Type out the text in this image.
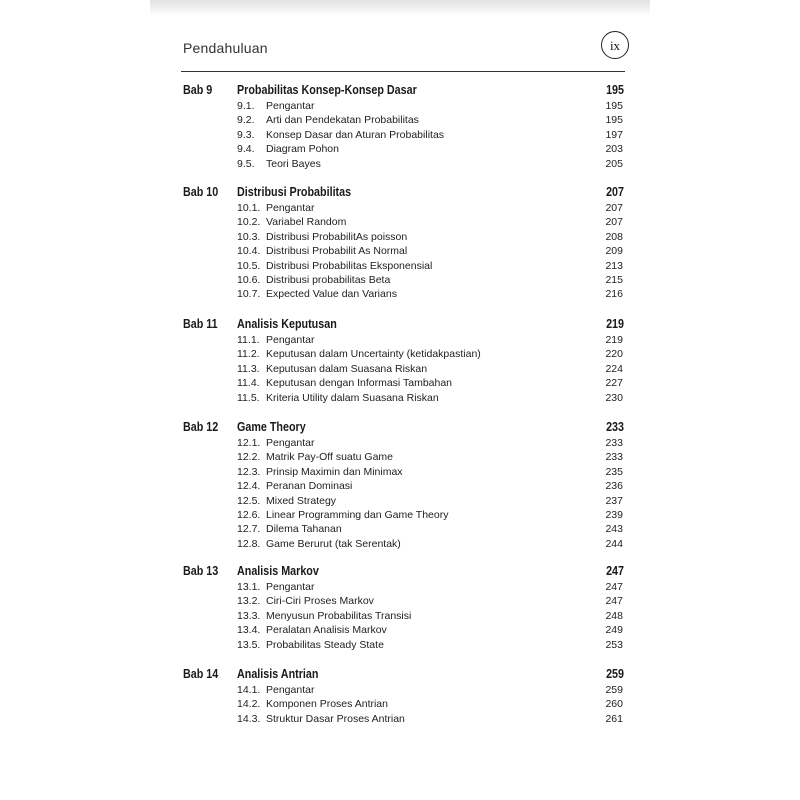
Pendahuluan	ix
Bab 9 Probabilitas Konsep-Konsep Dasar	195
9.1. Pengantar	195
9.2. Arti dan Pendekatan Probabilitas	195
9.3. Konsep Dasar dan Aturan Probabilitas	197
9.4. Diagram Pohon	203
9.5. Teori Bayes	205
Bab 10 Distribusi Probabilitas	207
10.1. Pengantar	207
10.2. Variabel Random	207
10.3. Distribusi ProbabilitAs poisson	208
10.4. Distribusi Probabilit As Normal	209
10.5. Distribusi Probabilitas Eksponensial	213
10.6. Distribusi probabilitas Beta	215
10.7. Expected Value dan Varians	216
Bab 11 Analisis Keputusan	219
11.1. Pengantar	219
11.2. Keputusan dalam Uncertainty (ketidakpastian)	220
11.3. Keputusan dalam Suasana Riskan	224
11.4. Keputusan dengan Informasi Tambahan	227
11.5. Kriteria Utility dalam Suasana Riskan	230
Bab 12 Game Theory	233
12.1. Pengantar	233
12.2. Matrik Pay-Off suatu Game	233
12.3. Prinsip Maximin dan Minimax	235
12.4. Peranan Dominasi	236
12.5. Mixed Strategy	237
12.6. Linear Programming dan Game Theory	239
12.7. Dilema Tahanan	243
12.8. Game Berurut (tak Serentak)	244
Bab 13 Analisis Markov	247
13.1. Pengantar	247
13.2. Ciri-Ciri Proses Markov	247
13.3. Menyusun Probabilitas Transisi	248
13.4. Peralatan Analisis Markov	249
13.5. Probabilitas Steady State	253
Bab 14 Analisis Antrian	259
14.1. Pengantar	259
14.2. Komponen Proses Antrian	260
14.3. Struktur Dasar Proses Antrian	261
